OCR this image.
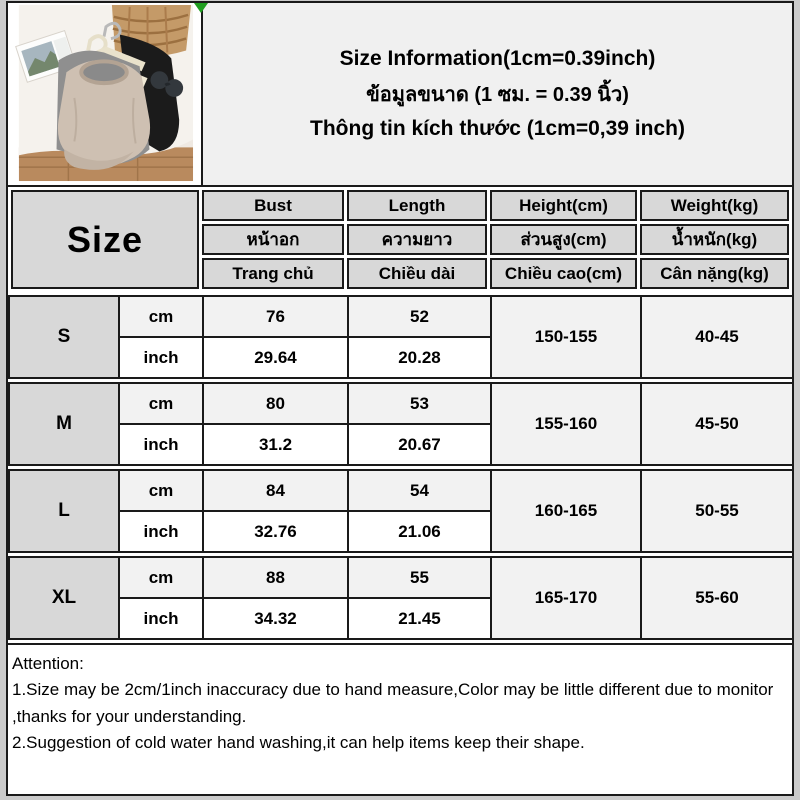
Size Information(1cm=0.39inch)
ข้อมูลขนาด (1 ซม. = 0.39 นิ้ว)
Thông tin kích thước (1cm=0,39 inch)
Size	Bust	Length	Height(cm)	Weight(kg)
	หน้าอก	ความยาว	ส่วนสูง(cm)	น้ำหนัก(kg)
	Trang chủ	Chiều dài	Chiều cao(cm)	Cân nặng(kg)
S	cm	76	52	150-155	40-45
	inch	29.64	20.28		
M	cm	80	53	155-160	45-50
	inch	31.2	20.67		
L	cm	84	54	160-165	50-55
	inch	32.76	21.06		
XL	cm	88	55	165-170	55-60
	inch	34.32	21.45		
Attention:
1.Size may be 2cm/1inch inaccuracy due to hand measure,Color may be little different due to monitor ,thanks for your understanding.
2.Suggestion of cold water hand washing,it can help items keep their shape.
